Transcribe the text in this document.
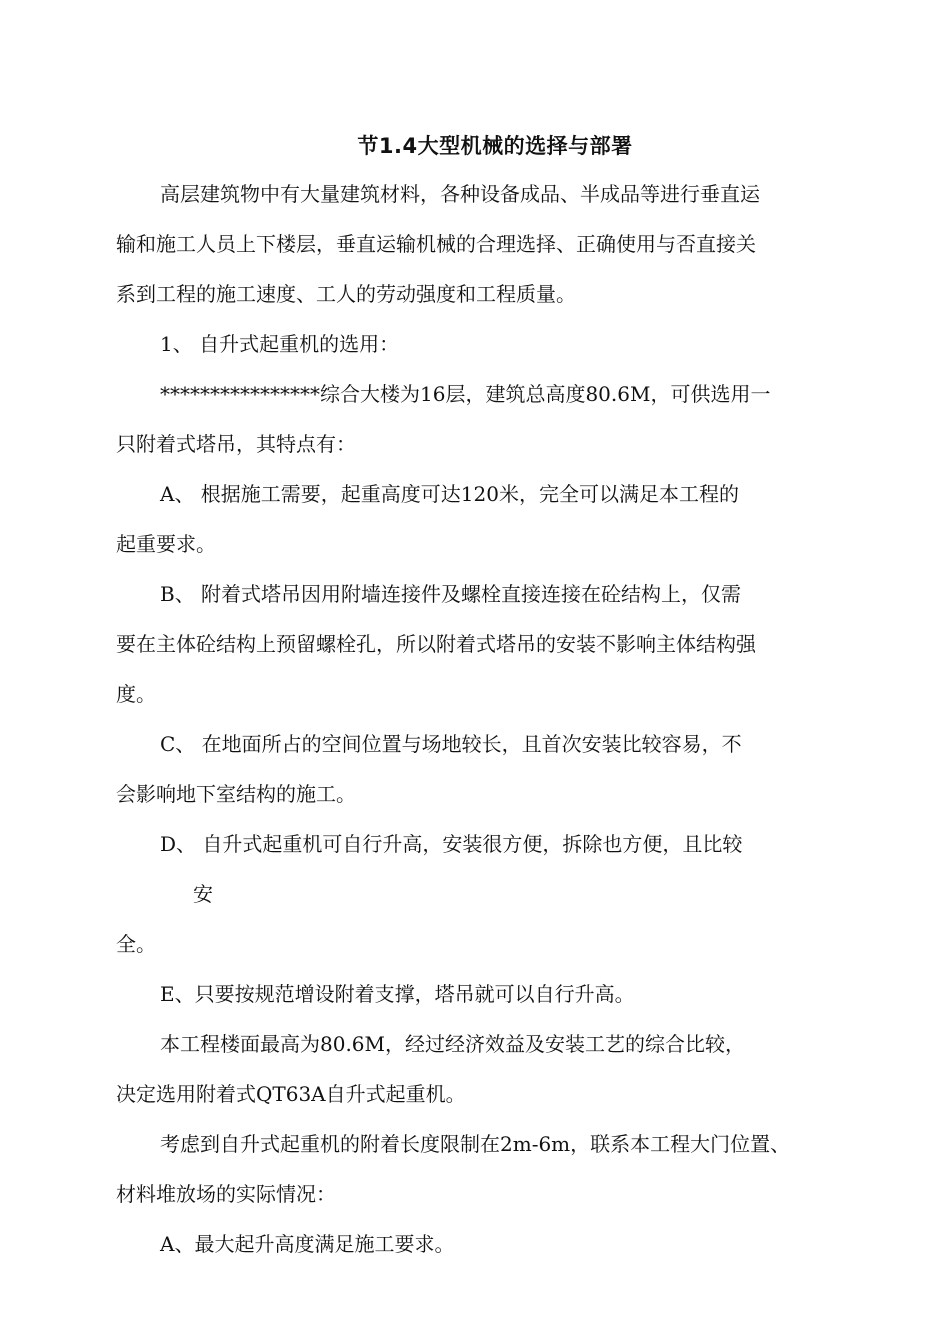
节1.4大型机械的选择与部署
高层建筑物中有大量建筑材料，各种设备成品、半成品等进行垂直运
输和施工人员上下楼层，垂直运输机械的合理选择、正确使用与否直接关
系到工程的施工速度、工人的劳动强度和工程质量。
1、 自升式起重机的选用：
****************综合大楼为16层，建筑总高度80.6M，可供选用一
只附着式塔吊，其特点有：
A、 根据施工需要，起重高度可达120米，完全可以满足本工程的
起重要求。
B、 附着式塔吊因用附墙连接件及螺栓直接连接在砼结构上，仅需
要在主体砼结构上预留螺栓孔，所以附着式塔吊的安装不影响主体结构强
度。
C、 在地面所占的空间位置与场地较长，且首次安装比较容易，不
会影响地下室结构的施工。
D、 自升式起重机可自行升高，安装很方便，拆除也方便，且比较
安
全。
E、只要按规范增设附着支撑，塔吊就可以自行升高。
本工程楼面最高为80.6M，经过经济效益及安装工艺的综合比较，
决定选用附着式QT63A自升式起重机。
考虑到自升式起重机的附着长度限制在2m-6m，联系本工程大门位置、
材料堆放场的实际情况：
A、最大起升高度满足施工要求。
